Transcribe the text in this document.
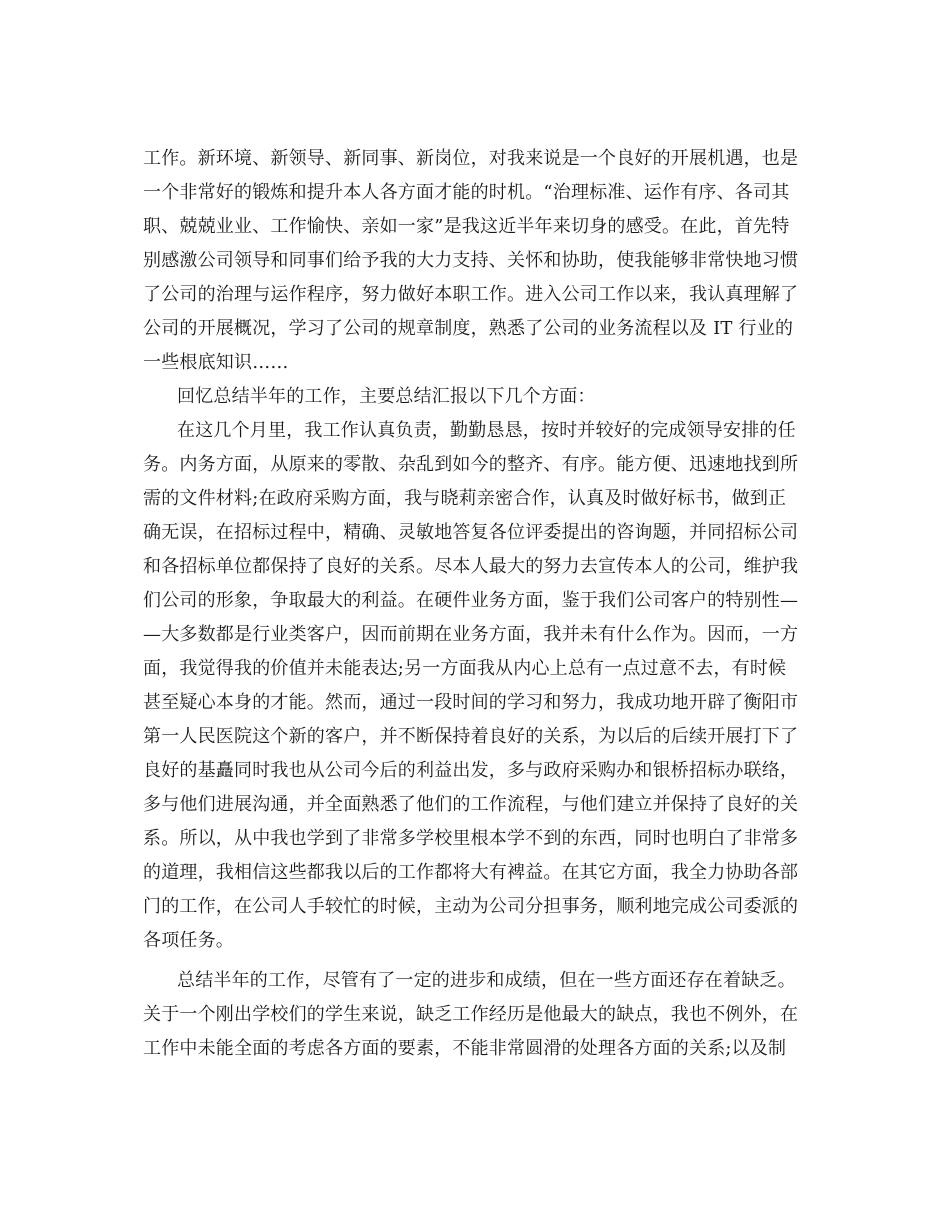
工作。新环境、新领导、新同事、新岗位，对我来说是一个良好的开展机遇，也是
一个非常好的锻炼和提升本人各方面才能的时机。“治理标准、运作有序、各司其
职、兢兢业业、工作愉快、亲如一家”是我这近半年来切身的感受。在此，首先特
别感激公司领导和同事们给予我的大力支持、关怀和协助，使我能够非常快地习惯
了公司的治理与运作程序，努力做好本职工作。进入公司工作以来，我认真理解了
公司的开展概况，学习了公司的规章制度，熟悉了公司的业务流程以及 IT 行业的
一些根底知识……
回忆总结半年的工作，主要总结汇报以下几个方面：
在这几个月里，我工作认真负责，勤勤恳恳，按时并较好的完成领导安排的任
务。内务方面，从原来的零散、杂乱到如今的整齐、有序。能方便、迅速地找到所
需的文件材料;在政府采购方面，我与晓莉亲密合作，认真及时做好标书，做到正
确无误，在招标过程中，精确、灵敏地答复各位评委提出的咨询题，并同招标公司
和各招标单位都保持了良好的关系。尽本人最大的努力去宣传本人的公司，维护我
们公司的形象，争取最大的利益。在硬件业务方面，鉴于我们公司客户的特别性—
—大多数都是行业类客户，因而前期在业务方面，我并未有什么作为。因而，一方
面，我觉得我的价值并未能表达;另一方面我从内心上总有一点过意不去，有时候
甚至疑心本身的才能。然而，通过一段时间的学习和努力，我成功地开辟了衡阳市
第一人民医院这个新的客户，并不断保持着良好的关系，为以后的后续开展打下了
良好的基矗同时我也从公司今后的利益出发，多与政府采购办和银桥招标办联络，
多与他们进展沟通，并全面熟悉了他们的工作流程，与他们建立并保持了良好的关
系。所以，从中我也学到了非常多学校里根本学不到的东西，同时也明白了非常多
的道理，我相信这些都我以后的工作都将大有裨益。在其它方面，我全力协助各部
门的工作，在公司人手较忙的时候，主动为公司分担事务，顺利地完成公司委派的
各项任务。
总结半年的工作，尽管有了一定的进步和成绩，但在一些方面还存在着缺乏。
关于一个刚出学校们的学生来说，缺乏工作经历是他最大的缺点，我也不例外，在
工作中未能全面的考虑各方面的要素，不能非常圆滑的处理各方面的关系;以及制
